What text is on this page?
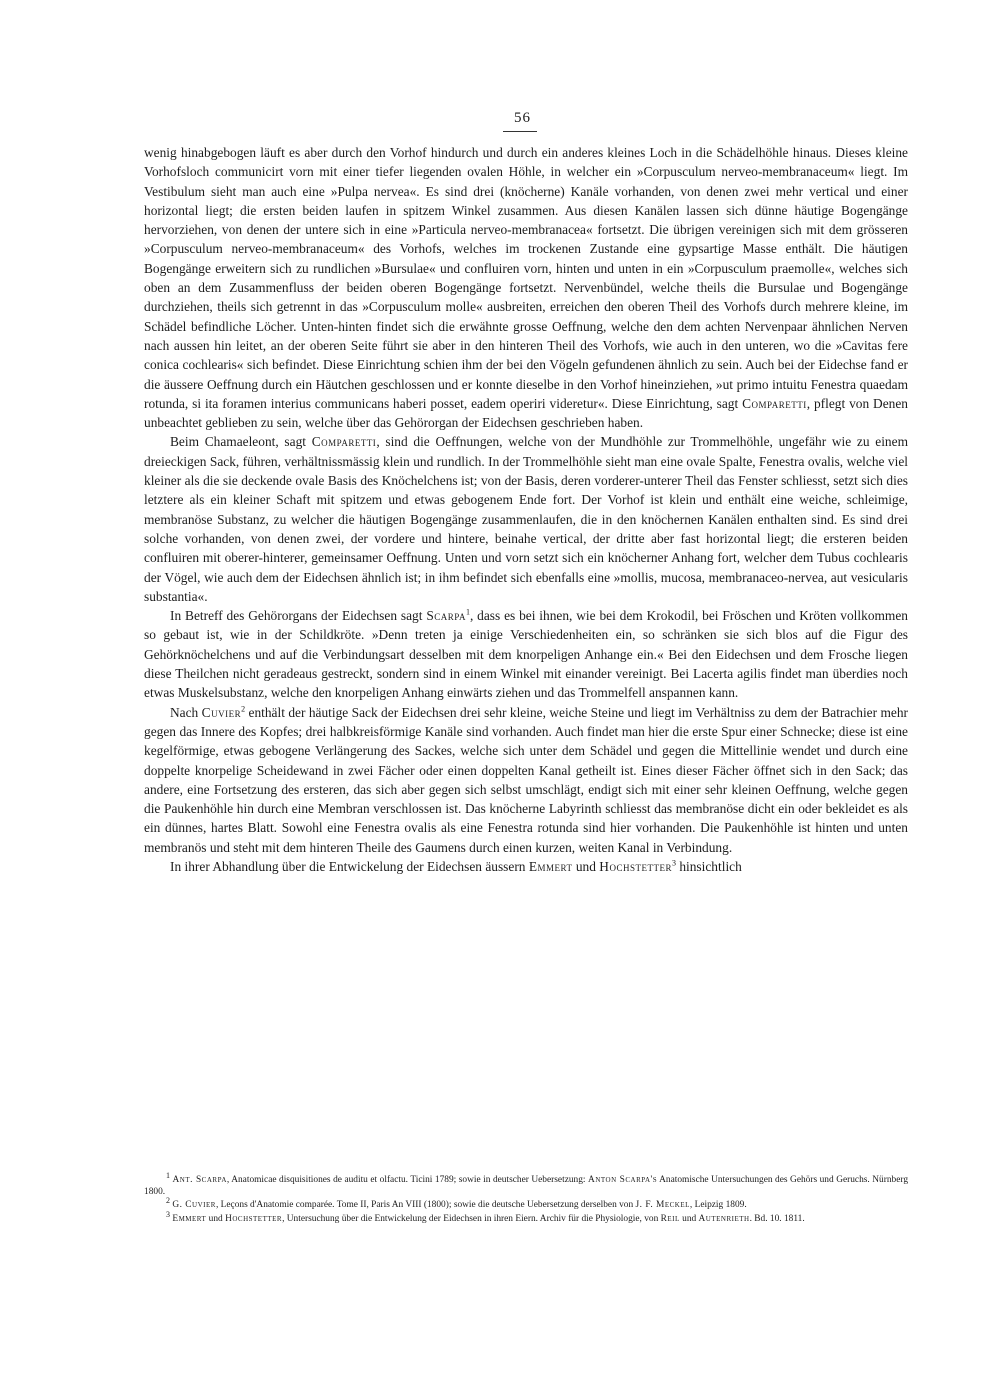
56

wenig hinabgebogen läuft es aber durch den Vorhof hindurch und durch ein anderes kleines Loch in die Schädelhöhle hinaus. Dieses kleine Vorhofsloch communicirt vorn mit einer tiefer liegenden ovalen Höhle, in welcher ein »Corpusculum nerveo-membranaceum« liegt. Im Vestibulum sieht man auch eine »Pulpa nervea«. Es sind drei (knöcherne) Kanäle vorhanden, von denen zwei mehr vertical und einer horizontal liegt; die ersten beiden laufen in spitzem Winkel zusammen. Aus diesen Kanälen lassen sich dünne häutige Bogengänge hervorziehen, von denen der untere sich in eine »Particula nerveo-membranacea« fortsetzt. Die übrigen vereinigen sich mit dem grösseren »Corpusculum nerveo-membranaceum« des Vorhofs, welches im trockenen Zustande eine gypsartige Masse enthält. Die häutigen Bogengänge erweitern sich zu rundlichen »Bursulae« und confluiren vorn, hinten und unten in ein »Corpusculum praemolle«, welches sich oben an dem Zusammenfluss der beiden oberen Bogengänge fortsetzt. Nervenbündel, welche theils die Bursulae und Bogengänge durchziehen, theils sich getrennt in das »Corpusculum molle« ausbreiten, erreichen den oberen Theil des Vorhofs durch mehrere kleine, im Schädel befindliche Löcher. Unten-hinten findet sich die erwähnte grosse Oeffnung, welche den dem achten Nervenpaar ähnlichen Nerven nach aussen hin leitet, an der oberen Seite führt sie aber in den hinteren Theil des Vorhofs, wie auch in den unteren, wo die »Cavitas fere conica cochlearis« sich befindet. Diese Einrichtung schien ihm der bei den Vögeln gefundenen ähnlich zu sein. Auch bei der Eidechse fand er die äussere Oeffnung durch ein Häutchen geschlossen und er konnte dieselbe in den Vorhof hineinziehen, »ut primo intuitu Fenestra quaedam rotunda, si ita foramen interius communicans haberi posset, eadem operiri videretur«. Diese Einrichtung, sagt Comparetti, pflegt von Denen unbeachtet geblieben zu sein, welche über das Gehörorgan der Eidechsen geschrieben haben.

Beim Chamaeleont, sagt Comparetti, sind die Oeffnungen, welche von der Mundhöhle zur Trommelhöhle, ungefähr wie zu einem dreieckigen Sack, führen, verhältnissmässig klein und rundlich. In der Trommelhöhle sieht man eine ovale Spalte, Fenestra ovalis, welche viel kleiner als die sie deckende ovale Basis des Knöchelchens ist; von der Basis, deren vorderer-unterer Theil das Fenster schliesst, setzt sich dies letztere als ein kleiner Schaft mit spitzem und etwas gebogenem Ende fort. Der Vorhof ist klein und enthält eine weiche, schleimige, membranöse Substanz, zu welcher die häutigen Bogengänge zusammenlaufen, die in den knöchernen Kanälen enthalten sind. Es sind drei solche vorhanden, von denen zwei, der vordere und hintere, beinahe vertical, der dritte aber fast horizontal liegt; die ersteren beiden confluiren mit oberer-hinterer, gemeinsamer Oeffnung. Unten und vorn setzt sich ein knöcherner Anhang fort, welcher dem Tubus cochlearis der Vögel, wie auch dem der Eidechsen ähnlich ist; in ihm befindet sich ebenfalls eine »mollis, mucosa, membranaceo-nervea, aut vesicularis substantia«.

In Betreff des Gehörorgans der Eidechsen sagt Scarpa$^1$, dass es bei ihnen, wie bei dem Krokodil, bei Fröschen und Kröten vollkommen so gebaut ist, wie in der Schildkröte. »Denn treten ja einige Verschiedenheiten ein, so schränken sie sich blos auf die Figur des Gehörknöchelchens und auf die Verbindungsart desselben mit dem knorpeligen Anhange ein.« Bei den Eidechsen und dem Frosche liegen diese Theilchen nicht geradeaus gestreckt, sondern sind in einem Winkel mit einander vereinigt. Bei Lacerta agilis findet man überdies noch etwas Muskelsubstanz, welche den knorpeligen Anhang einwärts ziehen und das Trommelfell anspannen kann.

Nach Cuvier$^2$ enthält der häutige Sack der Eidechsen drei sehr kleine, weiche Steine und liegt im Verhältniss zu dem der Batrachier mehr gegen das Innere des Kopfes; drei halbkreisförmige Kanäle sind vorhanden. Auch findet man hier die erste Spur einer Schnecke; diese ist eine kegelförmige, etwas gebogene Verlängerung des Sackes, welche sich unter dem Schädel und gegen die Mittellinie wendet und durch eine doppelte knorpelige Scheidewand in zwei Fächer oder einen doppelten Kanal getheilt ist. Eines dieser Fächer öffnet sich in den Sack; das andere, eine Fortsetzung des ersteren, das sich aber gegen sich selbst umschlägt, endigt sich mit einer sehr kleinen Oeffnung, welche gegen die Paukenhöhle hin durch eine Membran verschlossen ist. Das knöcherne Labyrinth schliesst das membranöse dicht ein oder bekleidet es als ein dünnes, hartes Blatt. Sowohl eine Fenestra ovalis als eine Fenestra rotunda sind hier vorhanden. Die Paukenhöhle ist hinten und unten membranös und steht mit dem hinteren Theile des Gaumens durch einen kurzen, weiten Kanal in Verbindung.

In ihrer Abhandlung über die Entwickelung der Eidechsen äussern Emmert und Hochstetter$^3$ hinsichtlich

$^1$ Ant. Scarpa, Anatomicae disquisitiones de auditu et olfactu. Ticini 1789; sowie in deutscher Uebersetzung: Anton Scarpa's Anatomische Untersuchungen des Gehörs und Geruchs. Nürnberg 1800.

$^2$ G. Cuvier, Leçons d'Anatomie comparée. Tome II, Paris An VIII (1800); sowie die deutsche Uebersetzung derselben von J. F. Meckel, Leipzig 1809.

$^3$ Emmert und Hochstetter, Untersuchung über die Entwickelung der Eidechsen in ihren Eiern. Archiv für die Physiologie, von Reil und Autenrieth. Bd. 10. 1811.
